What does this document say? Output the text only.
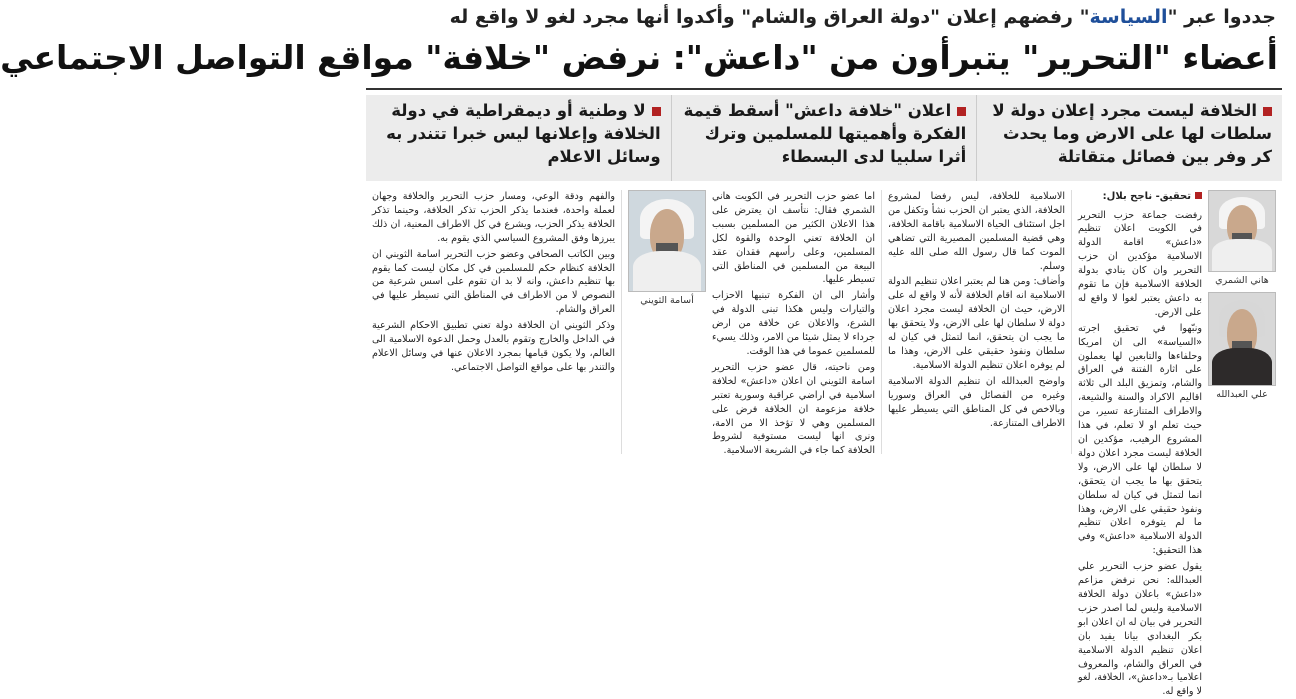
جددوا عبر "السياسة" رفضهم إعلان "دولة العراق والشام" وأكدوا أنها مجرد لغو لا واقع له
أعضاء "التحرير" يتبرأون من "داعش": نرفض "خلافة" مواقع التواصل الاجتماعي
الخلافة ليست مجرد إعلان دولة لا سلطات لها على الارض وما يحدث كر وفر بين فصائل متقاتلة
اعلان "خلافة داعش" أسقط قيمة الفكرة وأهميتها للمسلمين وترك أثرا سلبيا لدى البسطاء
لا وطنية أو ديمقراطية في دولة الخلافة وإعلانها ليس خبرا تتندر به وسائل الاعلام
هاني الشمري
علي العبدالله
تحقيق- ناجح بلال:

رفضت جماعة حزب التحرير في الكويت اعلان تنظيم «داعش» اقامة الدولة الاسلامية مؤكدين ان حزب التحرير وان كان ينادي بدولة الخلافة الاسلامية فإن ما تقوم به داعش يعتبر لغوا لا واقع له على الارض.

ونبّهوا في تحقيق اجرته «السياسة» الى ان امريكا وحلفاءها والتابعين لها يعملون على اثارة الفتنة في العراق والشام، وتمزيق البلد الى ثلاثة اقاليم الاكراد والسنة والشيعة، والاطراف المتنازعة تسير، من حيث تعلم او لا تعلم، في هذا المشروع الرهيب، مؤكدين ان الخلافة ليست مجرد اعلان دولة لا سلطان لها على الارض، ولا يتحقق بها ما يجب ان يتحقق، انما لتمثل في كيان له سلطان ونفوذ حقيقي على الارض، وهذا ما لم يتوفره اعلان تنظيم الدولة الاسلامية «داعش» وفي هذا التحقيق:

يقول عضو حزب التحرير علي العبدالله: نحن نرفض مزاعم «داعش» باعلان دولة الخلافة الاسلامية وليس لما اصدر حزب التحرير في بيان له ان اعلان ابو بكر البغدادي بيانا يفيد بان اعلان تنظيم الدولة الاسلامية في العراق والشام، والمعروف اعلاميا بـ«داعش»، الخلافة، لغو لا واقع له.

الاسلامية للخلافة، ليس رفضا لمشروع الخلافة، الذي يعتبر ان الحزب نشأ وتكفل من اجل استئناف الحياة الاسلامية باقامة الخلافة، وهي قضية المسلمين المصيرية التي تضاهي الموت كما قال رسول الله صلى الله عليه وسلم.

وأضاف: ومن هنا لم يعتبر اعلان تنظيم الدولة الاسلامية انه اقام الخلافة لأنه لا واقع له على الارض، حيث ان الخلافة ليست مجرد اعلان دولة لا سلطان لها على الارض، ولا يتحقق بها ما يجب ان يتحقق، انما لتمثل في كيان له سلطان ونفوذ حقيقي على الارض، وهذا ما لم يوفره اعلان تنظيم الدولة الاسلامية.

واوضح العبدالله ان تنظيم الدولة الاسلامية وغيره من الفصائل في العراق وسوريا وبالاخص في كل المناطق التي يسيطر عليها الاطراف المتنازعة.

اما عضو حزب التحرير في الكويت هاني الشمري فقال: نتأسف ان يعترض على هذا الاعلان الكثير من المسلمين بسبب ان الخلافة تعني الوحدة والقوة لكل المسلمين، وعلى رأسهم فقدان عقد البيعة من المسلمين في المناطق التي تسيطر عليها.

وأشار الى ان الفكرة تبنيها الاحزاب والتيارات وليس هكذا تبنى الدولة في الشرع، والاعلان عن خلافة من ارض جرداء لا يمثل شيئا من الامر، وذلك يسيء للمسلمين عموما في هذا الوقت.

ومن ناحيته، قال عضو حزب التحرير اسامة الثويني ان اعلان «داعش» لخلافة اسلامية في اراضي عراقية وسورية تعتبر خلافة مزعومة ان الخلافة فرض على المسلمين وهي لا تؤخذ الا من الامة، ونرى انها ليست مستوفية لشروط الخلافة كما جاء في الشريعة الاسلامية.

أسامة الثويني

والفهم ودقة الوعي، ومسار حزب التحرير والخلافة وجهان لعملة واحدة، فعندما يذكر الحزب تذكر الخلافة، وحينما تذكر الخلافة يذكر الحزب، ويشرع في كل الاطراف المعنية، ان ذلك يبرزها وفق المشروع السياسي الذي يقوم به.

وبين الكاتب الصحافي وعضو حزب التحرير اسامة الثويني ان الخلافة كنظام حكم للمسلمين في كل مكان ليست كما يقوم بها تنظيم داعش، وانه لا بد ان تقوم على اسس شرعية من النصوص لا من الاطراف في المناطق التي تسيطر عليها في العراق والشام.

وذكر الثويني ان الخلافة دولة تعني تطبيق الاحكام الشرعية في الداخل والخارج وتقوم بالعدل وحمل الدعوة الاسلامية الى العالم، ولا يكون قيامها بمجرد الاعلان عنها في وسائل الاعلام والتندر بها على مواقع التواصل الاجتماعي.
